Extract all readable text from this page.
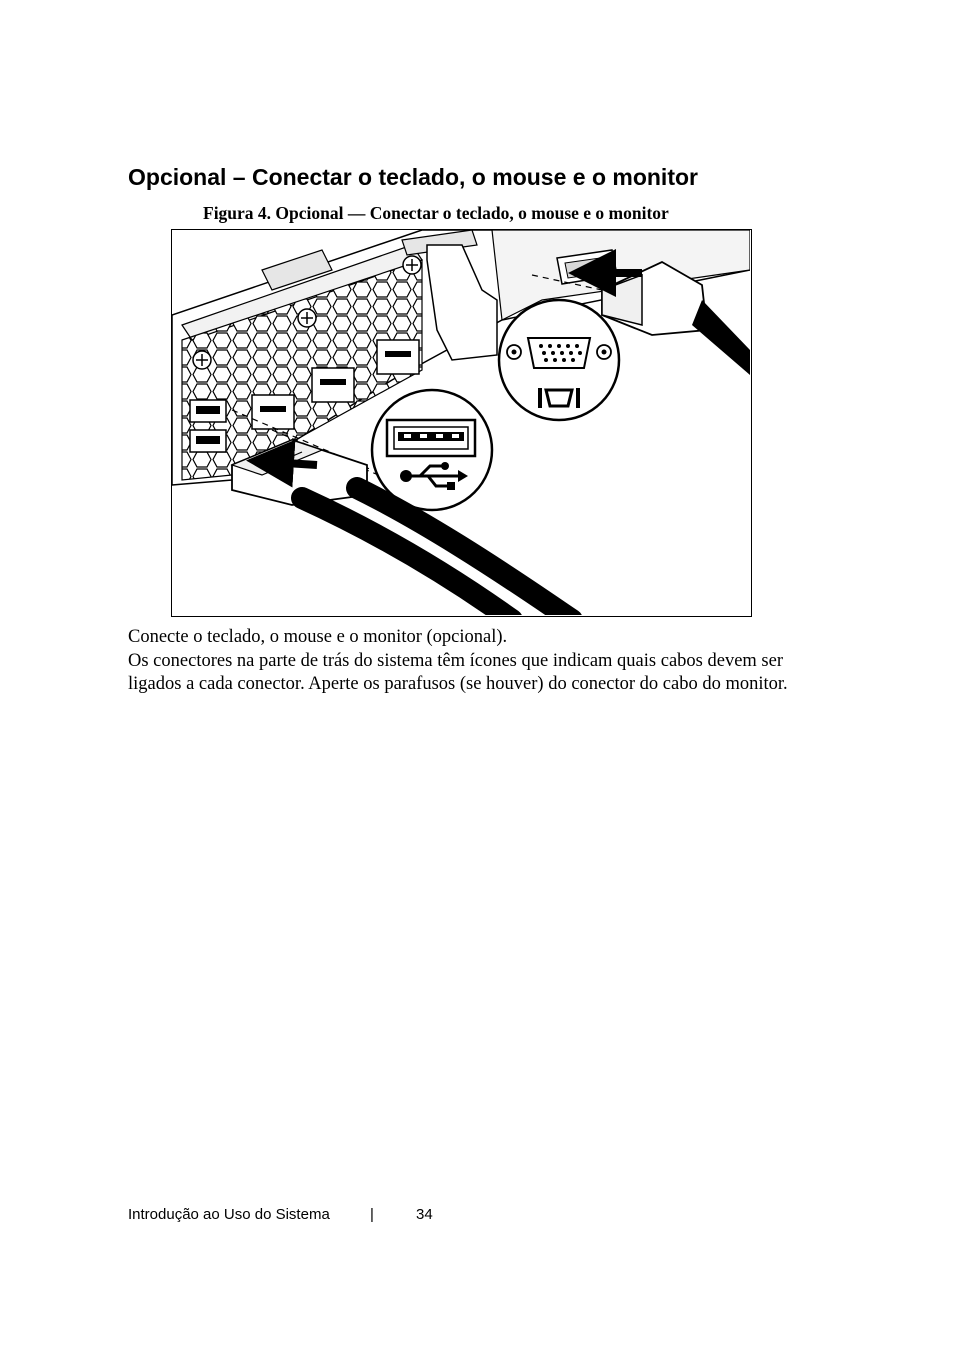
Opcional – Conectar o teclado, o mouse e o monitor

Figura 4. Opcional — Conectar o teclado, o mouse e o monitor

Conecte o teclado, o mouse e o monitor (opcional).

Os conectores na parte de trás do sistema têm ícones que indicam quais cabos devem ser ligados a cada conector. Aperte os parafusos (se houver) do conector do cabo do monitor.

Introdução ao Uso do Sistema	|	34
